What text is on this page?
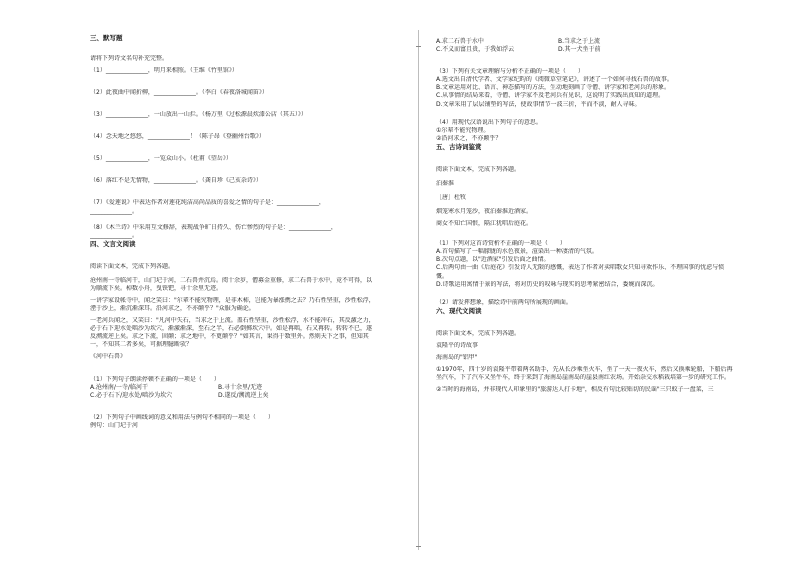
三、默写题

请将下列诗文名句补充完整。

（1）______________，明月来相照。（王维《竹里馆》）

（2）此夜曲中闻折柳，______________。（李白《春夜洛城闻笛》）

（3）______________，一山放出一山拦。（杨万里《过松源晨炊漆公店（其五）》）

（4）念天地之悠悠，______________！（陈子昂《登幽州台歌》）

（5）______________，一览众山小。（杜甫《望岳》）

（6）落红不是无情物，______________。（龚自珍《己亥杂诗》）

（7）《爱莲说》中表达作者对莲花纯洁高尚品质的喜爱之情的句子是：______________，

______________。

（8）《木兰诗》中采用互文修辞，表现战争旷日持久、伤亡惨烈的句子是：______________，

______________。

四、文言文阅读

阅读下面文本，完成下列各题。

沧州南一寺临河干，山门圮于河，二石兽并沉焉。阅十余岁，僧募金重修，求二石兽于水中，竟不可得，以

为顺流下矣。棹数小舟，曳铁钯，寻十余里无迹。

一讲学家设帐寺中，闻之笑曰："尔辈不能究物理，是非木柿，岂能为暴涨携之去？乃石性坚重，沙性松浮，

湮于沙上，渐沉渐深耳。沿河求之，不亦颠乎？"众服为确论。

一老河兵闻之，又笑曰："凡河中失石，当求之于上流。盖石性坚重，沙性松浮，水不能冲石，其反激之力，

必于石下迎水处啮沙为坎穴，渐激渐深，至石之半，石必倒掷坎穴中。如是再啮，石又再转。转转不已，遂

反溯流逆上矣。求之下流，固颠；求之地中，不更颠乎？"如其言，果得于数里外。然则天下之事，但知其

一，不知其二者多矣，可据理臆断欤？

《河中石兽》

（1）下列句子朗读停顿不正确的一项是（　　）

A.沧州南/一寺/临河干	B.寻十余里/无迹
C.必于石下/迎水处/啮沙为坎穴	D.遂反/溯流逆上矣

（2）下列句子中画线词的意义和用法与例句不相同的一项是（　　）

例句：山门圮于河

A.求二石兽于水中	B.当求之于上流
C.不义而富且贵，于我如浮云	D.其一犬坐于前

（3）下列有关文章理解与分析不正确的一项是（　　）

A.选文出自清代学者、文学家纪昀的《阅微草堂笔记》，讲述了一个如何寻找石兽的故事。

B.文章运用对比、语言、神态描写的方法，生动地刻画了寺僧、讲学家和老河兵的形象。

C.从事情的结局来看，寺僧、讲学家不及老河兵有见识，这说明了实践出真知的道理。

D.文章采用了层层铺垫的写法，使故事情节一波三折，平而不淡，耐人寻味。

（4）用现代汉语说出下列句子的意思。

①尔辈不能究物理。

②沿河求之，不亦颠乎？

五、古诗词鉴赏

阅读下面文本，完成下列各题。

泊秦淮

［唐］杜牧

烟笼寒水月笼沙，夜泊秦淮近酒家。

商女不知亡国恨，隔江犹唱后庭花。

（1）下列对这首诗赏析不正确的一项是（　　）

A.首句描写了一幅朦胧的水色夜景，渲染出一种凄清的气氛。

B.次句点题，以"近酒家"引发后面之曲情。

C.后两句由一曲《后庭花》引发诗人无限的感慨，表达了作者对卖唱歌女只知寻欢作乐、不理国事的忧虑与愤

慨。

D.诗歌运用寓情于景的写法，将对历史的叹咏与现实的思考紧密结合，委婉而深沉。

（2）请发挥想象，描绘诗中前两句所展现的画面。

六、现代文阅读

阅读下面文本，完成下列各题。

袁隆平的诗故事

海南岛的"铝甲"

①1970年，四十岁的袁隆平带着两名助手，先从长沙乘坐火车，坐了一天一夜火车，然后又换乘轮船，下船后再

坐汽车，下了汽车又坐牛车，终于来到了海南岛崖南岛的崖县南红农场。开始杂交水稻栽培第一步的研究工作。

②当时的海南岛，并非现代人印象里的"旅游达人打卡地"，相反有句比较贴切的民谣"三只蚊子一盘菜，三
